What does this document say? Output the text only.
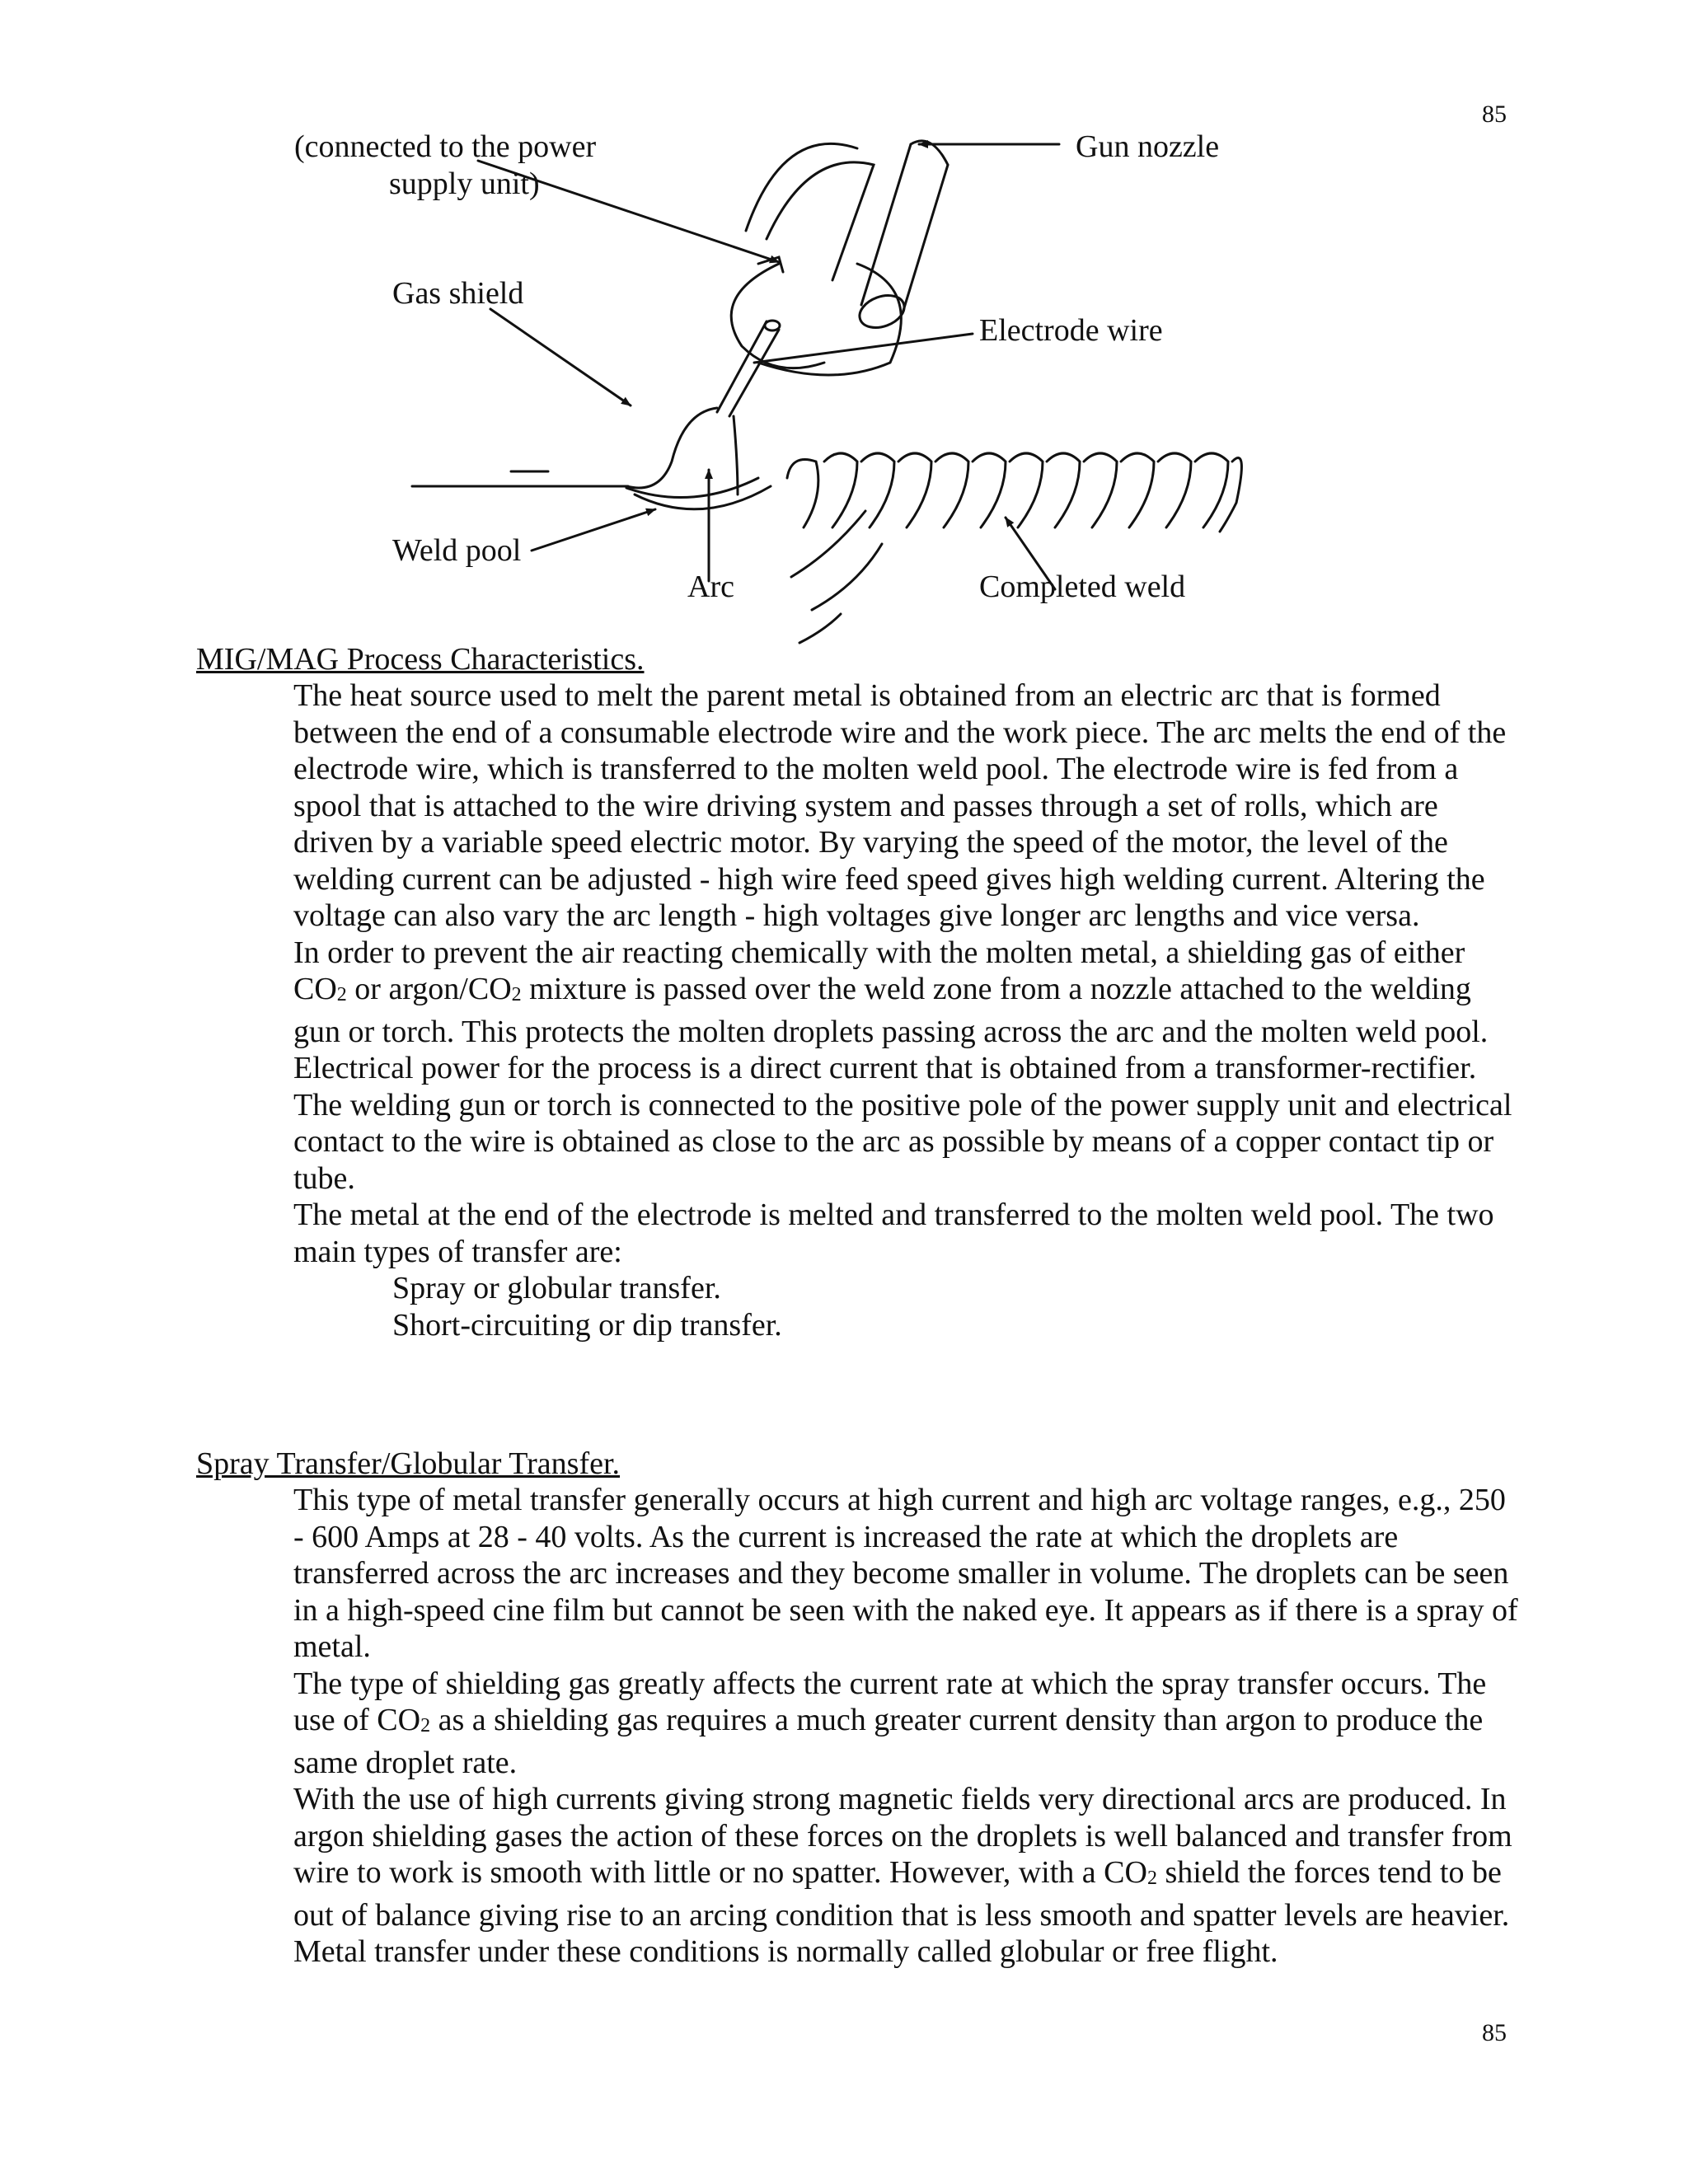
85
(connected to the power
supply unit)
Gun nozzle
Gas shield
Electrode wire
Weld pool
Arc	Completed weld
MIG/MAG Process Characteristics.

The heat source used to melt the parent metal is obtained from an electric arc that is formed between the end of a consumable electrode wire and the work piece. The arc melts the end of the electrode wire, which is transferred to the molten weld pool. The electrode wire is fed from a spool that is attached to the wire driving system and passes through a set of rolls, which are driven by a variable speed electric motor. By varying the speed of the motor, the level of the welding current can be adjusted - high wire feed speed gives high welding current. Altering the voltage can also vary the arc length - high voltages give longer arc lengths and vice versa.

In order to prevent the air reacting chemically with the molten metal, a shielding gas of either $CO_2$ or argon/$CO_2$ mixture is passed over the weld zone from a nozzle attached to the welding gun or torch. This protects the molten droplets passing across the arc and the molten weld pool.

Electrical power for the process is a direct current that is obtained from a transformer-rectifier. The welding gun or torch is connected to the positive pole of the power supply unit and electrical contact to the wire is obtained as close to the arc as possible by means of a copper contact tip or tube.

The metal at the end of the electrode is melted and transferred to the molten weld pool. The two main types of transfer are:

Spray or globular transfer.

Short-circuiting or dip transfer.

Spray Transfer/Globular Transfer.

This type of metal transfer generally occurs at high current and high arc voltage ranges, e.g., 250 - 600 Amps at 28 - 40 volts. As the current is increased the rate at which the droplets are transferred across the arc increases and they become smaller in volume. The droplets can be seen in a high-speed cine film but cannot be seen with the naked eye. It appears as if there is a spray of metal.

The type of shielding gas greatly affects the current rate at which the spray transfer occurs. The use of $CO_2$ as a shielding gas requires a much greater current density than argon to produce the same droplet rate.

With the use of high currents giving strong magnetic fields very directional arcs are produced. In argon shielding gases the action of these forces on the droplets is well balanced and transfer from wire to work is smooth with little or no spatter. However, with a $CO_2$ shield the forces tend to be out of balance giving rise to an arcing condition that is less smooth and spatter levels are heavier. Metal transfer under these conditions is normally called globular or free flight.

85
